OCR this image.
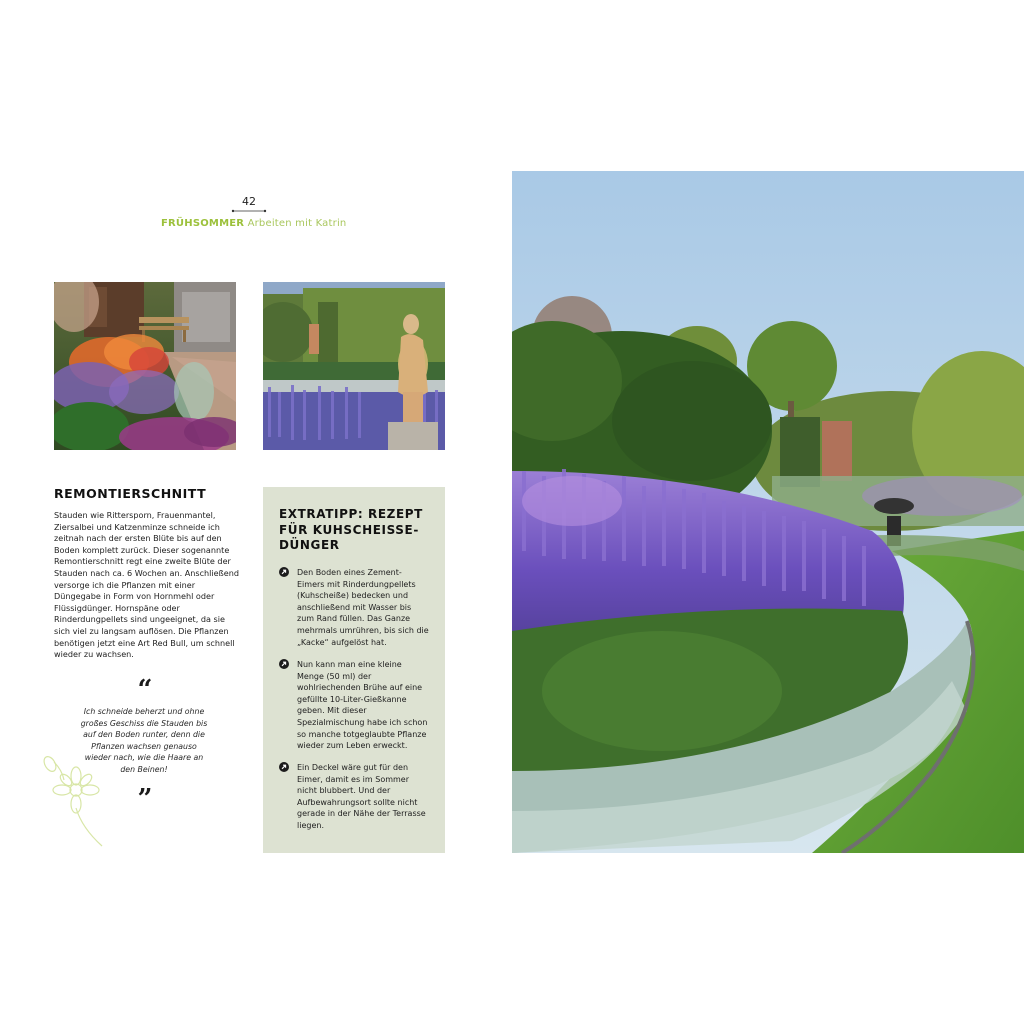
42
FRÜHSOMMER Arbeiten mit Katrin
REMONTIERSCHNITT
Stauden wie Rittersporn, Frauenmantel, Ziersalbei und Katzenminze schneide ich zeitnah nach der ersten Blüte bis auf den Boden komplett zurück. Dieser sogenannte Remontierschnitt regt eine zweite Blüte der Stauden nach ca. 6 Wochen an. Anschließend versorge ich die Pflanzen mit einer Düngegabe in Form von Hornmehl oder Flüssigdünger. Hornspäne oder Rinderdungpellets sind ungeeignet, da sie sich viel zu langsam auflösen. Die Pflanzen benötigen jetzt eine Art Red Bull, um schnell wieder zu wachsen.
“
Ich schneide beherzt und ohne großes Geschiss die Stauden bis auf den Boden runter, denn die Pflanzen wachsen genauso wieder nach, wie die Haare an den Beinen!
”
EXTRATIPP: REZEPT FÜR KUHSCHEISSE-DÜNGER
Den Boden eines Zement-Eimers mit Rinderdungpellets (Kuhscheiße) bedecken und anschließend mit Wasser bis zum Rand füllen. Das Ganze mehrmals umrühren, bis sich die „Kacke“ aufgelöst hat.
Nun kann man eine kleine Menge (50 ml) der wohlriechenden Brühe auf eine gefüllte 10-Liter-Gießkanne geben. Mit dieser Spezialmischung habe ich schon so manche totgeglaubte Pflanze wieder zum Leben erweckt.
Ein Deckel wäre gut für den Eimer, damit es im Sommer nicht blubbert. Und der Aufbewahrungsort sollte nicht gerade in der Nähe der Terrasse liegen.
